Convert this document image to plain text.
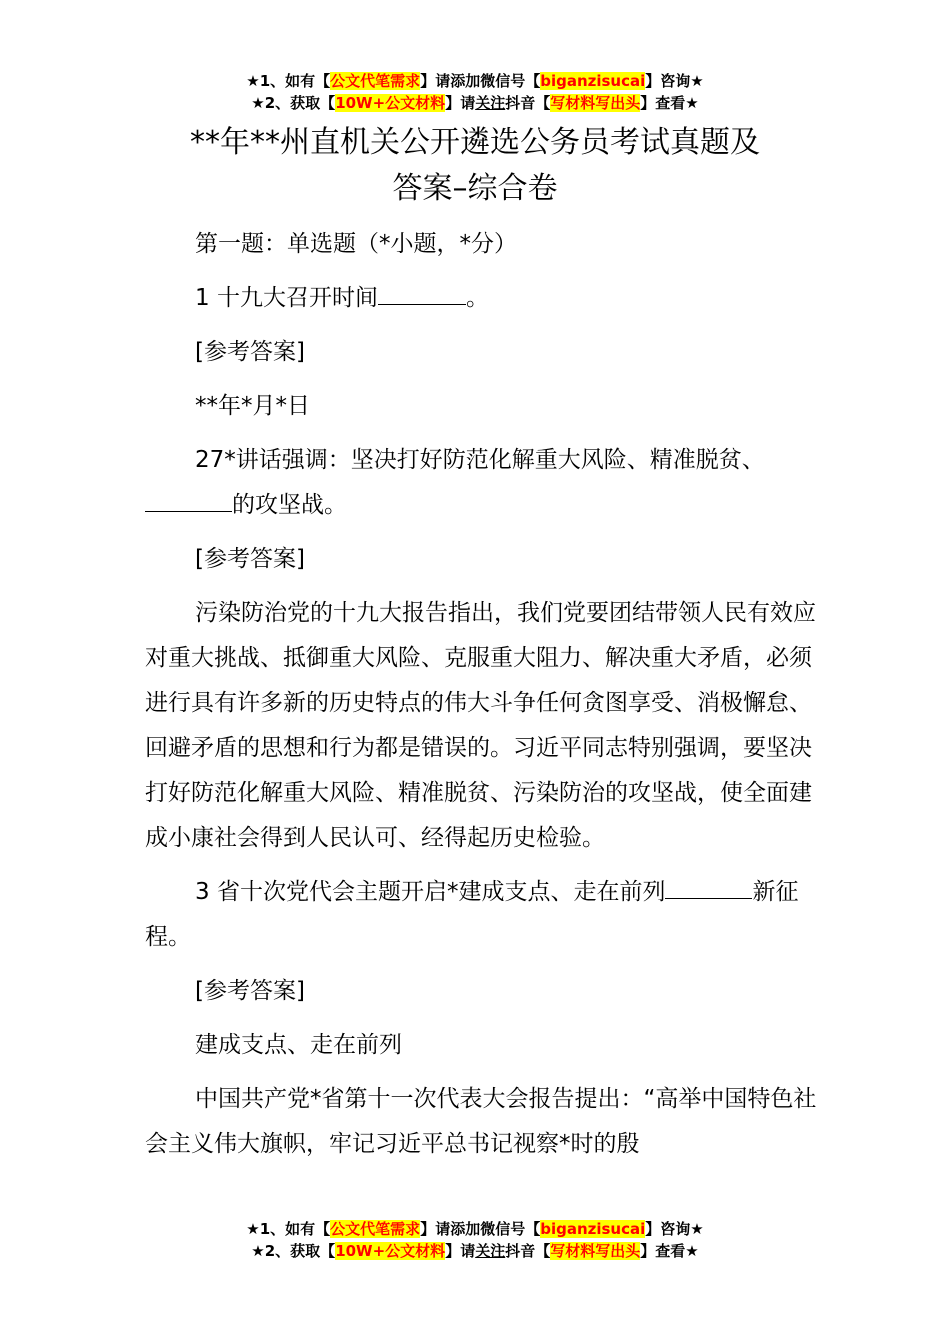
★1、如有【公文代笔需求】请添加微信号【biganzisucai】咨询★
★2、获取【10W+公文材料】请关注抖音【写材料写出头】查看★
**年**州直机关公开遴选公务员考试真题及
答案–综合卷

第一题：单选题（*小题，*分）

1 十九大召开时间	。

[参考答案]

**年*月*日

27*讲话强调：坚决打好防范化解重大风险、精准脱贫、的攻坚战。

[参考答案]

污染防治党的十九大报告指出，我们党要团结带领人民有效应对重大挑战、抵御重大风险、克服重大阻力、解决重大矛盾，必须进行具有许多新的历史特点的伟大斗争任何贪图享受、消极懈怠、回避矛盾的思想和行为都是错误的。习近平同志特别强调，要坚决打好防范化解重大风险、精准脱贫、污染防治的攻坚战，使全面建成小康社会得到人民认可、经得起历史检验。

3 省十次党代会主题开启*建成支点、走在前列	新征程。

[参考答案]

建成支点、走在前列

中国共产党*省第十一次代表大会报告提出：“高举中国特色社会主义伟大旗帜，牢记习近平总书记视察*时的殷

★1、如有【公文代笔需求】请添加微信号【biganzisucai】咨询★
★2、获取【10W+公文材料】请关注抖音【写材料写出头】查看★
